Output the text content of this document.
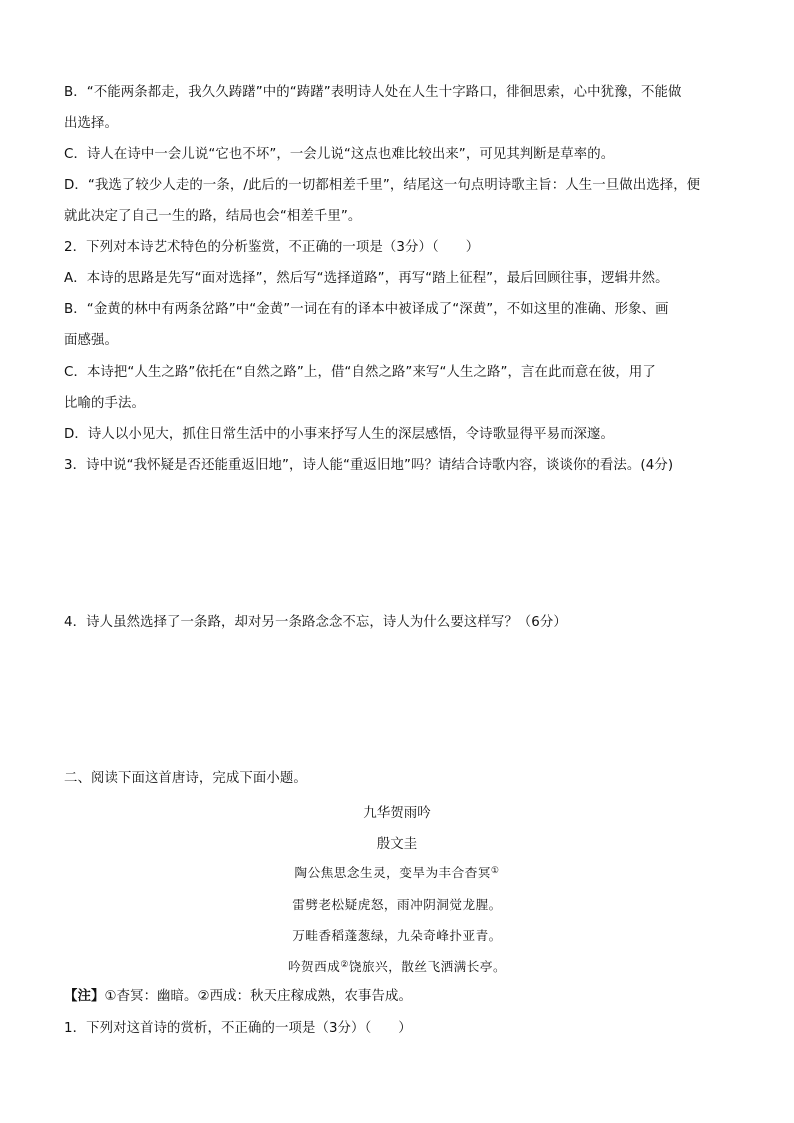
B．“不能两条都走，我久久踌躇”中的“踌躇”表明诗人处在人生十字路口，徘徊思索，心中犹豫，不能做
出选择。
C．诗人在诗中一会儿说“它也不坏”，一会儿说“这点也难比较出来”，可见其判断是草率的。
D．“我选了较少人走的一条，/此后的一切都相差千里”，结尾这一句点明诗歌主旨：人生一旦做出选择，便
就此决定了自己一生的路，结局也会“相差千里”。
2．下列对本诗艺术特色的分析鉴赏，不正确的一项是（3分）（　　）
A．本诗的思路是先写“面对选择”，然后写“选择道路”，再写“踏上征程”，最后回顾往事，逻辑井然。
B．“金黄的林中有两条岔路”中“金黄”一词在有的译本中被译成了“深黄”，不如这里的准确、形象、画
面感强。
C．本诗把“人生之路”依托在“自然之路”上，借“自然之路”来写“人生之路”，言在此而意在彼，用了
比喻的手法。
D．诗人以小见大，抓住日常生活中的小事来抒写人生的深层感悟，令诗歌显得平易而深邃。
3．诗中说“我怀疑是否还能重返旧地”，诗人能“重返旧地”吗？请结合诗歌内容，谈谈你的看法。(4分)
4．诗人虽然选择了一条路，却对另一条路念念不忘，诗人为什么要这样写？（6分）
二、阅读下面这首唐诗，完成下面小题。
九华贺雨吟
殷文圭
陶公焦思念生灵，变旱为丰合杳冥①
雷劈老松疑虎怒，雨冲阴洞觉龙腥。
万畦香稻蓬葱绿，九朵奇峰扑亚青。
吟贺西成②饶旅兴，散丝飞洒满长亭。
【注】①杳冥：幽暗。②西成：秋天庄稼成熟，农事告成。
1．下列对这首诗的赏析，不正确的一项是（3分）（　　）
